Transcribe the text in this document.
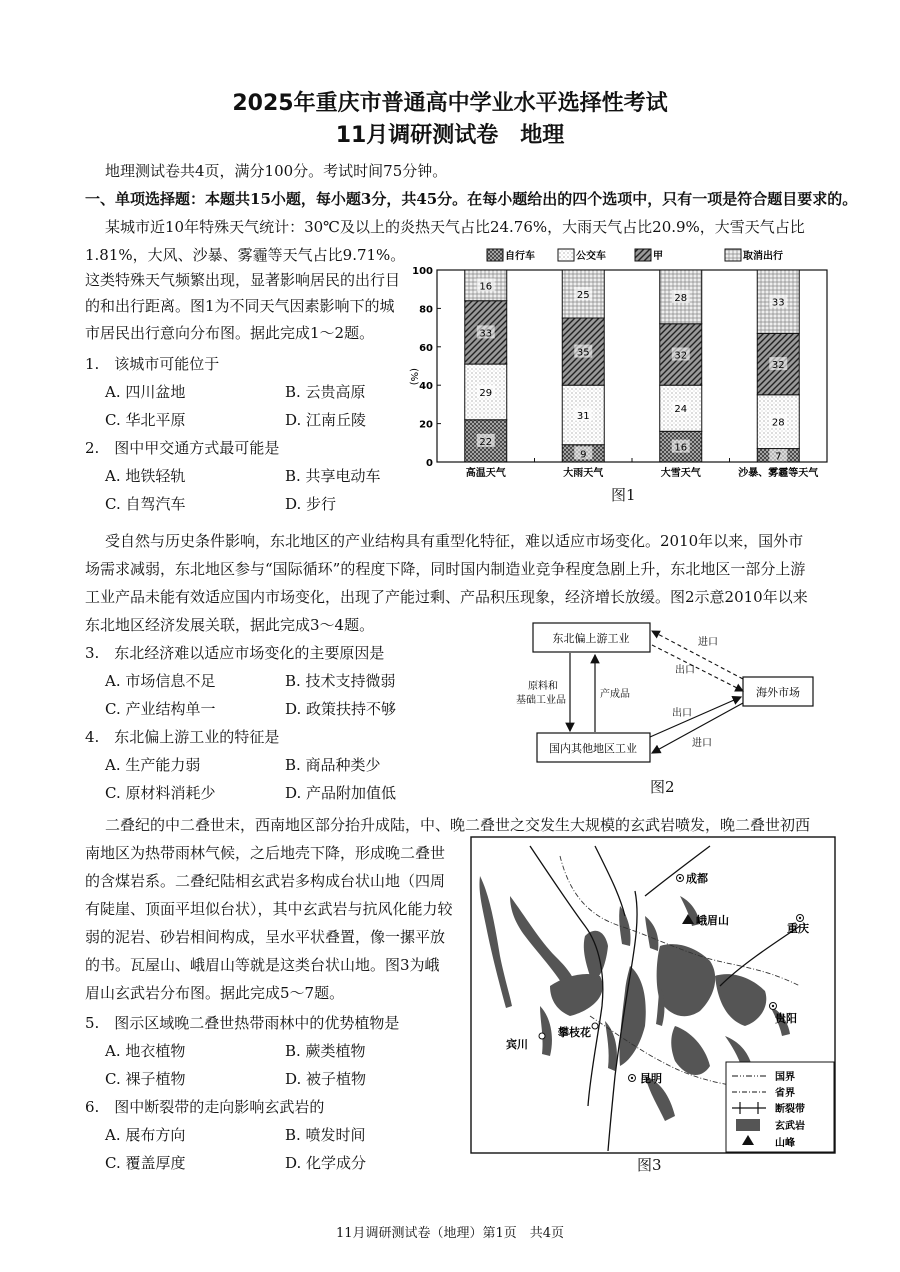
2025年重庆市普通高中学业水平选择性考试
11月调研测试卷　地理
地理测试卷共4页，满分100分。考试时间75分钟。
一、单项选择题：本题共15小题，每小题3分，共45分。在每小题给出的四个选项中，只有一项是符合题目要求的。
某城市近10年特殊天气统计：30℃及以上的炎热天气占比24.76%，大雨天气占比20.9%，大雪天气占比
1.81%，大风、沙暴、雾霾等天气占比9.71%。
这类特殊天气频繁出现，显著影响居民的出行目
的和出行距离。图1为不同天气因素影响下的城
市居民出行意向分布图。据此完成1～2题。
1.　该城市可能位于
A. 四川盆地	B. 云贵高原
C. 华北平原	D. 江南丘陵
2.　图中甲交通方式最可能是
A. 地铁轻轨	B. 共享电动车
C. 自驾汽车	D. 步行
自行车	公交车	甲	取消出行
0
20
40
60
80
100
高温天气	大雨天气	大雪天气	沙暴、雾霾等天气
22
29
33
16
9
31
35
25
16
24
32
28
7
28
32
33
(%)
图1
受自然与历史条件影响，东北地区的产业结构具有重型化特征，难以适应市场变化。2010年以来，国外市
场需求减弱，东北地区参与“国际循环”的程度下降，同时国内制造业竞争程度急剧上升，东北地区一部分上游
工业产品未能有效适应国内市场变化，出现了产能过剩、产品积压现象，经济增长放缓。图2示意2010年以来
东北地区经济发展关联，据此完成3～4题。
3.　东北经济难以适应市场变化的主要原因是
A. 市场信息不足	B. 技术支持微弱
C. 产业结构单一	D. 政策扶持不够
4.　东北偏上游工业的特征是
A. 生产能力弱	B. 商品种类少
C. 原材料消耗少	D. 产品附加值低
东北偏上游工业
国内其他地区工业
海外市场
原料和
基础工业品
产成品
进口
出口
出口
进口
图2
二叠纪的中二叠世末，西南地区部分抬升成陆，中、晚二叠世之交发生大规模的玄武岩喷发，晚二叠世初西
南地区为热带雨林气候，之后地壳下降，形成晚二叠世
的含煤岩系。二叠纪陆相玄武岩多构成台状山地（四周
有陡崖、顶面平坦似台状），其中玄武岩与抗风化能力较
弱的泥岩、砂岩相间构成，呈水平状叠置，像一摞平放
的书。瓦屋山、峨眉山等就是这类台状山地。图3为峨
眉山玄武岩分布图。据此完成5～7题。
5.　图示区域晚二叠世热带雨林中的优势植物是
A. 地衣植物	B. 蕨类植物
C. 裸子植物	D. 被子植物
6.　图中断裂带的走向影响玄武岩的
A. 展布方向	B. 喷发时间
C. 覆盖厚度	D. 化学成分
成都
峨眉山
重庆
贵阳
攀枝花
宾川
昆明	国界
省界
断裂带
玄武岩
山峰
图3
11月调研测试卷（地理）第1页　共4页
